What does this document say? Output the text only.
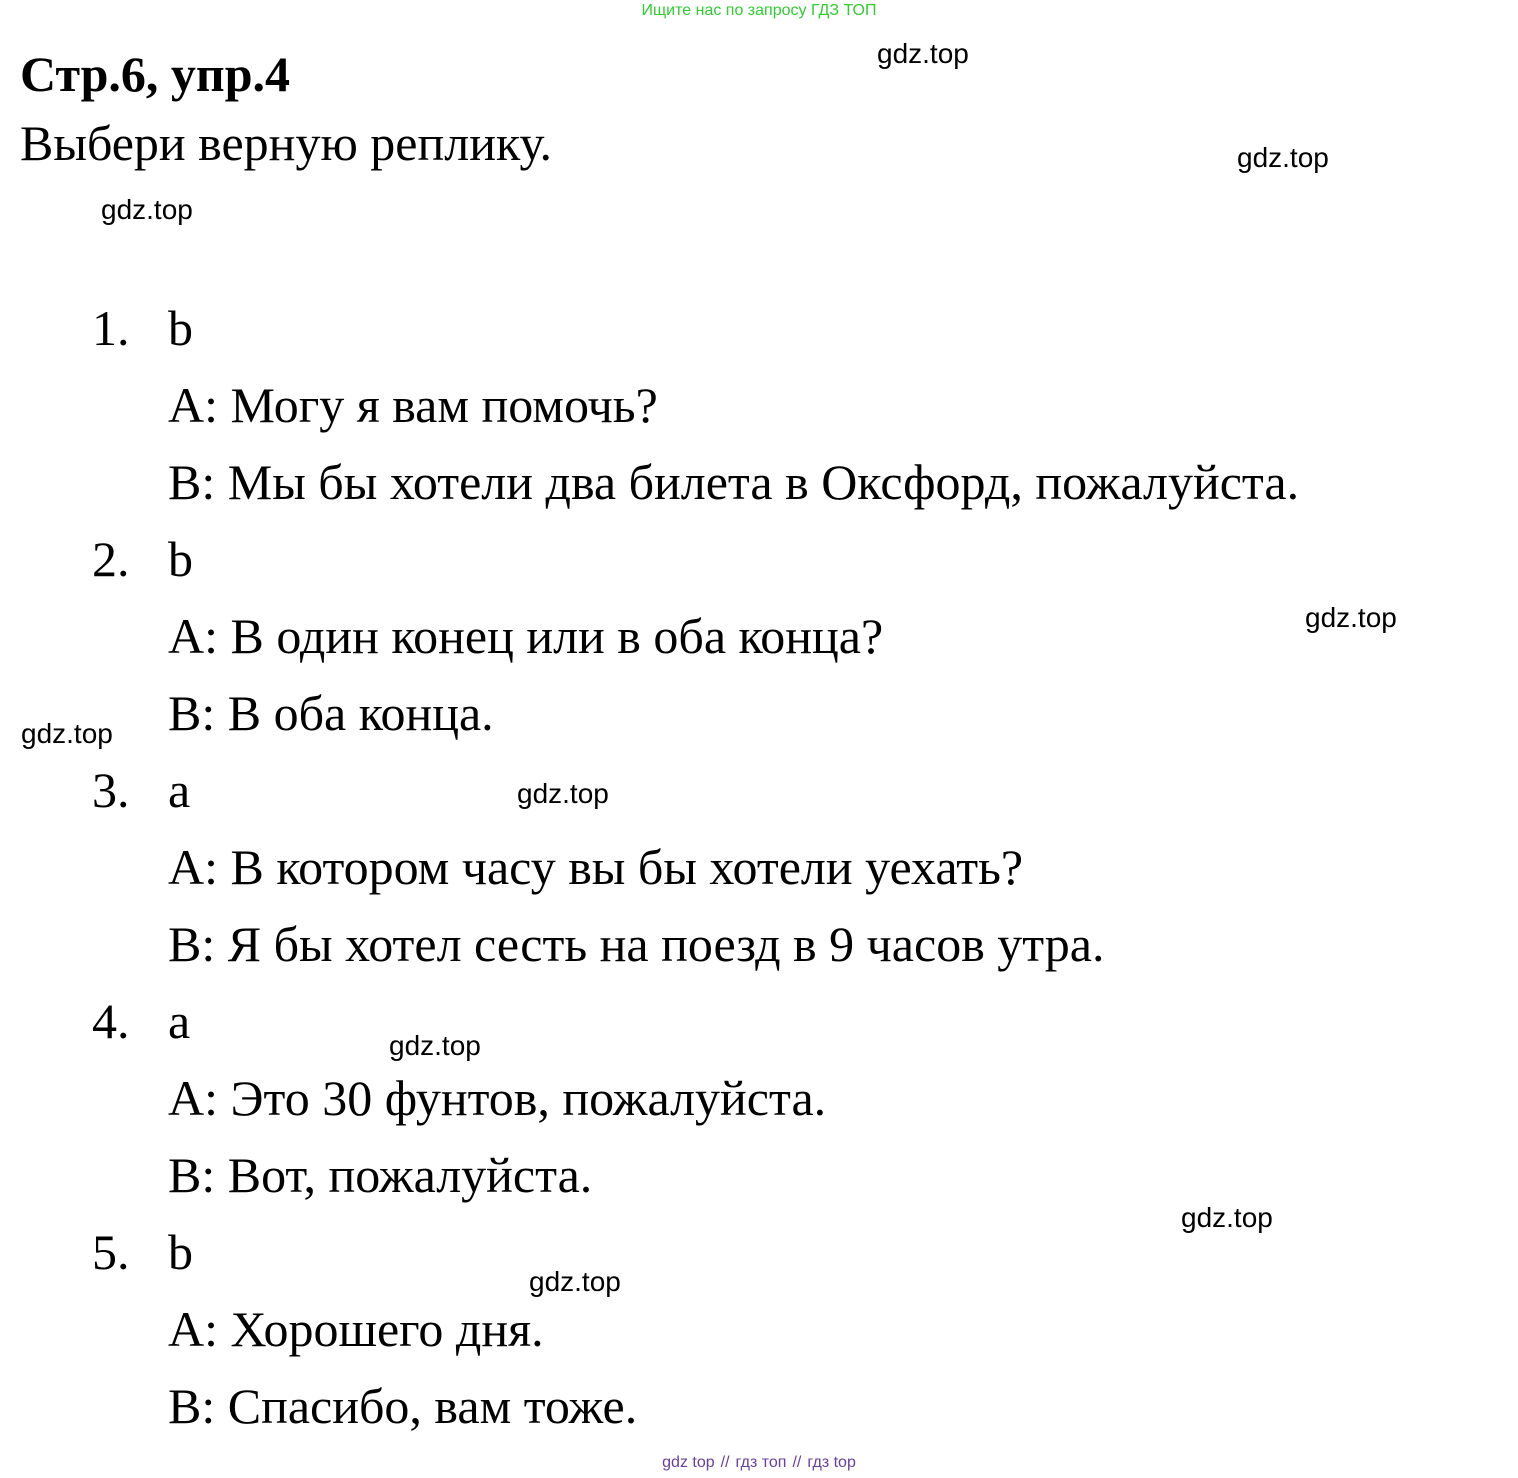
Ищите нас по запросу ГДЗ ТОП
Стр.6, упр.4

Выбери верную реплику.

1. b
A: Могу я вам помочь?
B: Мы бы хотели два билета в Оксфорд, пожалуйста.
2. b
A: В один конец или в оба конца?
B: В оба конца.
3. a
A: В котором часу вы бы хотели уехать?
B: Я бы хотел сесть на поезд в 9 часов утра.
4. a
A: Это 30 фунтов, пожалуйста.
B: Вот, пожалуйста.
5. b
A: Хорошего дня.
B: Спасибо, вам тоже.
gdz.top
gdz.top
gdz.top
gdz.top
gdz.top
gdz.top
gdz.top
gdz.top
gdz.top
gdz top // гдз топ // гдз top
